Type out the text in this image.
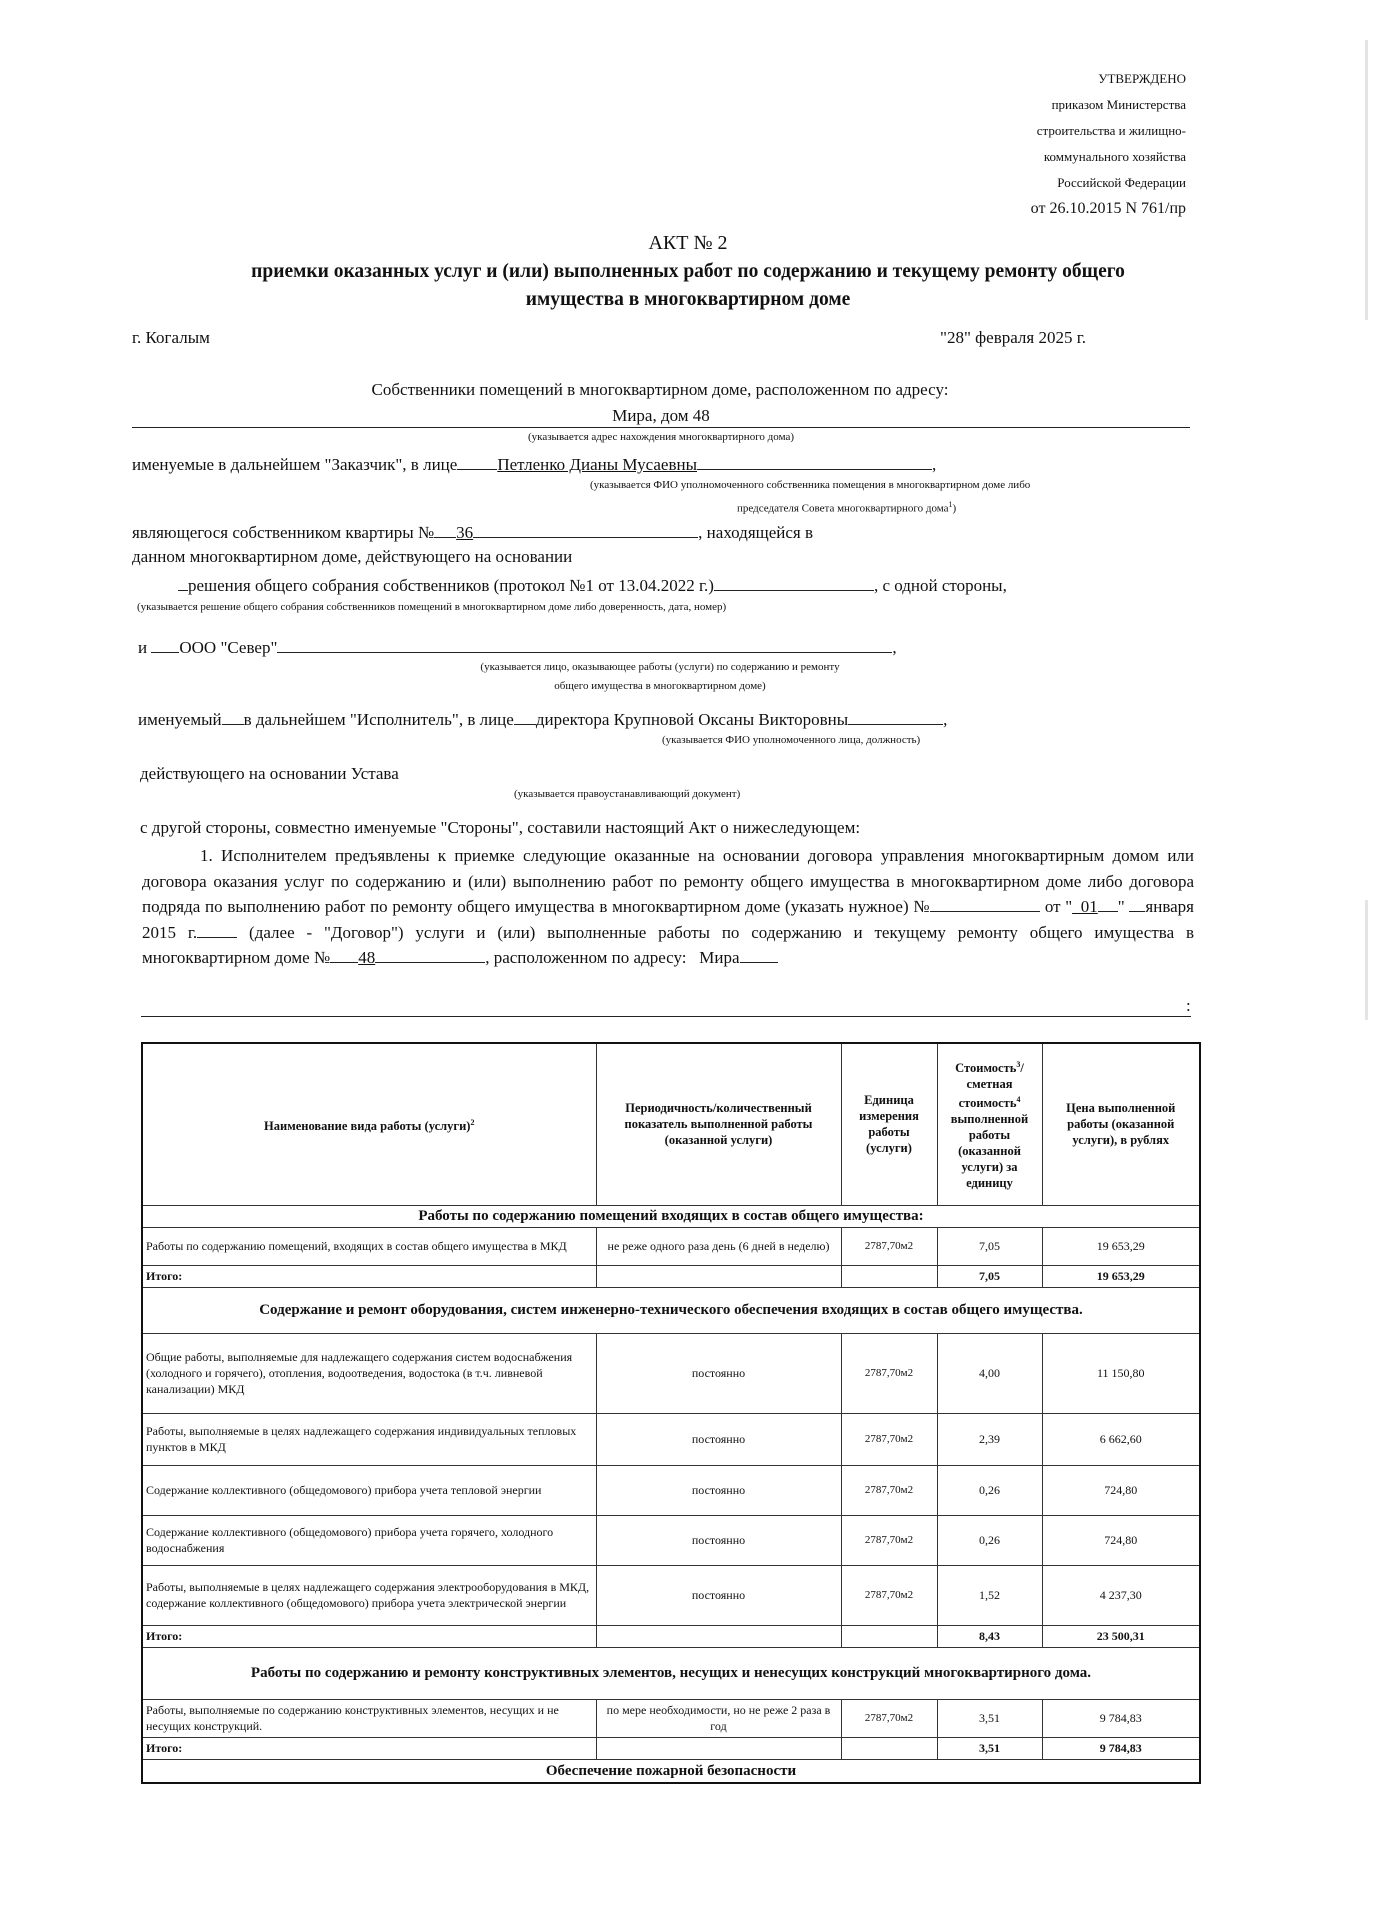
УТВЕРЖДЕНО
приказом Министерства
строительства и жилищно-
коммунального хозяйства
Российской Федерации
от 26.10.2015 N 761/пр
АКТ № 2
приемки оказанных услуг и (или) выполненных работ по содержанию и текущему ремонту общего
имущества в многоквартирном доме
г. Когалым	"28" февраля 2025 г.
Собственники помещений в многоквартирном доме, расположенном по адресу:
Мира, дом 48
(указывается адрес нахождения многоквартирного дома)
именуемые в дальнейшем "Заказчик", в лице Петленко Дианы Мусаевны	,
(указывается ФИО уполномоченного собственника помещения в многоквартирном доме либо
председателя Совета многоквартирного дома$^1$)
являющегося собственником квартиры № 36	, находящейся в
данном многоквартирном доме, действующего на основании
решения общего собрания собственников (протокол №1 от 13.04.2022 г.)	, с одной стороны,
(указывается решение общего собрания собственников помещений в многоквартирном доме либо доверенность, дата, номер)
и ООО "Север"	,
(указывается лицо, оказывающее работы (услуги) по содержанию и ремонту
общего имущества в многоквартирном доме)
именуемый в дальнейшем "Исполнитель", в лице директора Крупновой Оксаны Викторовны	,
(указывается ФИО уполномоченного лица, должность)
действующего на основании Устава
(указывается правоустанавливающий документ)
с другой стороны, совместно именуемые "Стороны", составили настоящий Акт о нижеследующем:
1. Исполнителем предъявлены к приемке следующие оказанные на основании договора управления многоквартирным домом или договора оказания услуг по содержанию и (или) выполнению работ по ремонту общего имущества в многоквартирном доме либо договора подряда по выполнению работ по ремонту общего имущества в многоквартирном доме (указать нужное) №	от "_01 " января 2015 г.	(далее - "Договор") услуги и (или) выполненные работы по содержанию и текущему ремонту общего имущества в многоквартирном доме № 48	, расположенном по адресу: Мира
:
Наименование вида работы (услуги)$^2$	Периодичность/количественный показатель выполненной работы (оказанной услуги)	Единица измерения работы (услуги)	Стоимость$^3$/сметная стоимость$^4$ выполненной работы (оказанной услуги) за единицу	Цена выполненной работы (оказанной услуги), в рублях
Работы по содержанию помещений входящих в состав общего имущества:				
Работы по содержанию помещений, входящих в состав общего имущества в МКД	не реже одного раза день (6 дней в неделю)	2787,70м2	7,05	19 653,29
Итого:			7,05	19 653,29
Содержание и ремонт оборудования, систем инженерно-технического обеспечения входящих в состав общего имущества.				
Общие работы, выполняемые для надлежащего содержания систем водоснабжения (холодного и горячего), отопления, водоотведения, водостока (в т.ч. ливневой канализации) МКД	постоянно	2787,70м2	4,00	11 150,80
Работы, выполняемые в целях надлежащего содержания индивидуальных тепловых пунктов в МКД	постоянно	2787,70м2	2,39	6 662,60
Содержание коллективного (общедомового) прибора учета тепловой энергии	постоянно	2787,70м2	0,26	724,80
Содержание коллективного (общедомового) прибора учета горячего, холодного водоснабжения	постоянно	2787,70м2	0,26	724,80
Работы, выполняемые в целях надлежащего содержания электрооборудования в МКД, содержание коллективного (общедомового) прибора учета электрической энергии	постоянно	2787,70м2	1,52	4 237,30
Итого:			8,43	23 500,31
Работы по содержанию и ремонту конструктивных элементов, несущих и ненесущих конструкций многоквартирного дома.				
Работы, выполняемые по содержанию конструктивных элементов, несущих и не несущих конструкций.	по мере необходимости, но не реже 2 раза в год	2787,70м2	3,51	9 784,83
Итого:			3,51	9 784,83
Обеспечение пожарной безопасности				
